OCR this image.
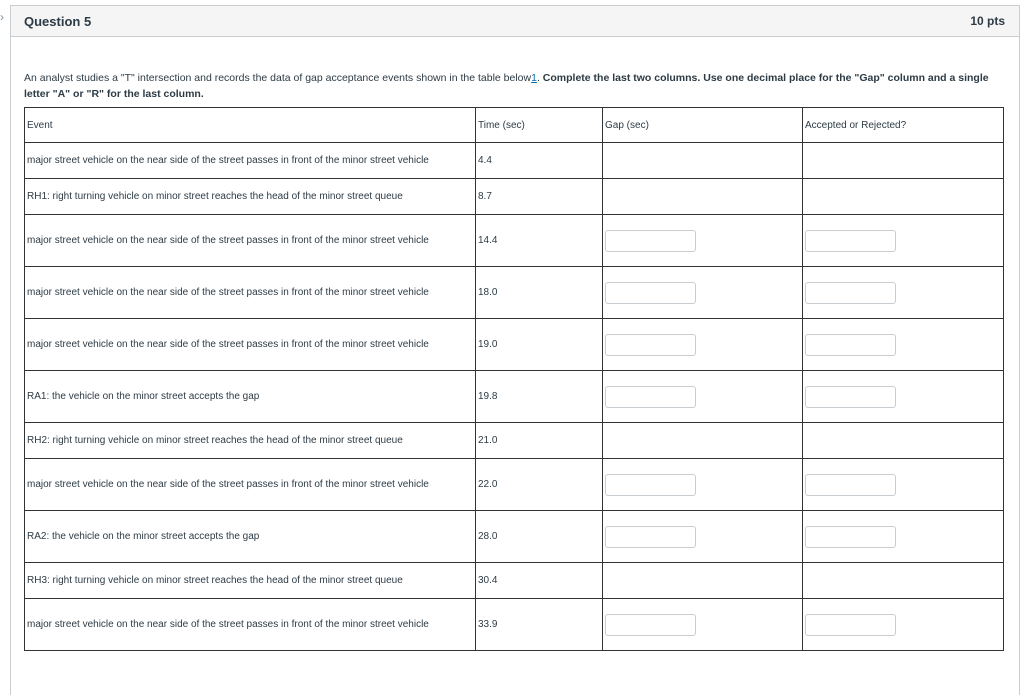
›	Question 5	10 pts
An analyst studies a "T" intersection and records the data of gap acceptance events shown in the table below1. Complete the last two columns. Use one decimal place for the "Gap" column and a single letter "A" or "R" for the last column.
Event	Time (sec)	Gap (sec)	Accepted or Rejected?
major street vehicle on the near side of the street passes in front of the minor street vehicle	4.4		
RH1: right turning vehicle on minor street reaches the head of the minor street queue	8.7		
major street vehicle on the near side of the street passes in front of the minor street vehicle	14.4		
major street vehicle on the near side of the street passes in front of the minor street vehicle	18.0		
major street vehicle on the near side of the street passes in front of the minor street vehicle	19.0		
RA1: the vehicle on the minor street accepts the gap	19.8		
RH2: right turning vehicle on minor street reaches the head of the minor street queue	21.0		
major street vehicle on the near side of the street passes in front of the minor street vehicle	22.0		
RA2: the vehicle on the minor street accepts the gap	28.0		
RH3: right turning vehicle on minor street reaches the head of the minor street queue	30.4		
major street vehicle on the near side of the street passes in front of the minor street vehicle	33.9		
